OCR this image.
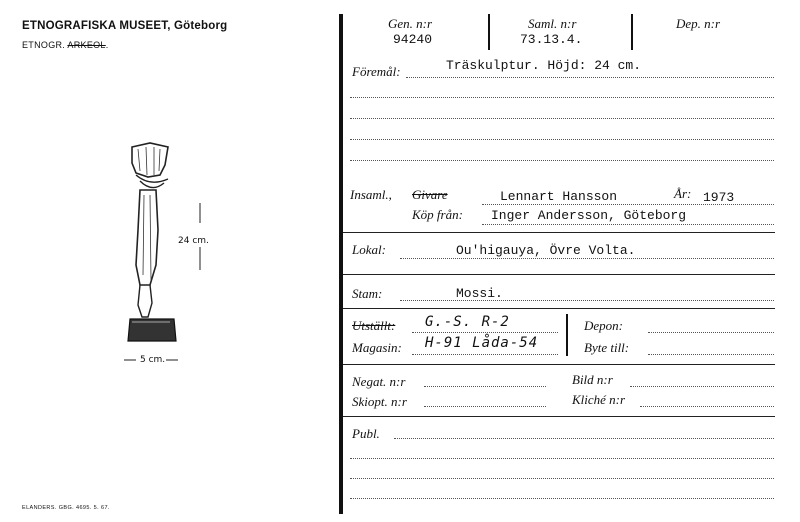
ETNOGRAFISKA MUSEET, Göteborg
ETNOGR. ARKEOL.
24 cm.
5 cm.
ELANDERS. GBG. 4695. 5. 67.
Gen. n:r
94240
Saml. n:r
73.13.4.
Dep. n:r
Föremål:	Träskulptur. Höjd: 24 cm.
Insaml., Givare	Lennart Hansson	År: 1973
Köp från: Inger Andersson, Göteborg
Lokal:	Ou'higauya, Övre Volta.
Stam:	Mossi.
Utställt: G.-S. R-2
Magasin: H-91 Låda-54
Depon:
Byte till:
Negat. n:r	Bild n:r
Skiopt. n:r	Kliché n:r
Publ.
